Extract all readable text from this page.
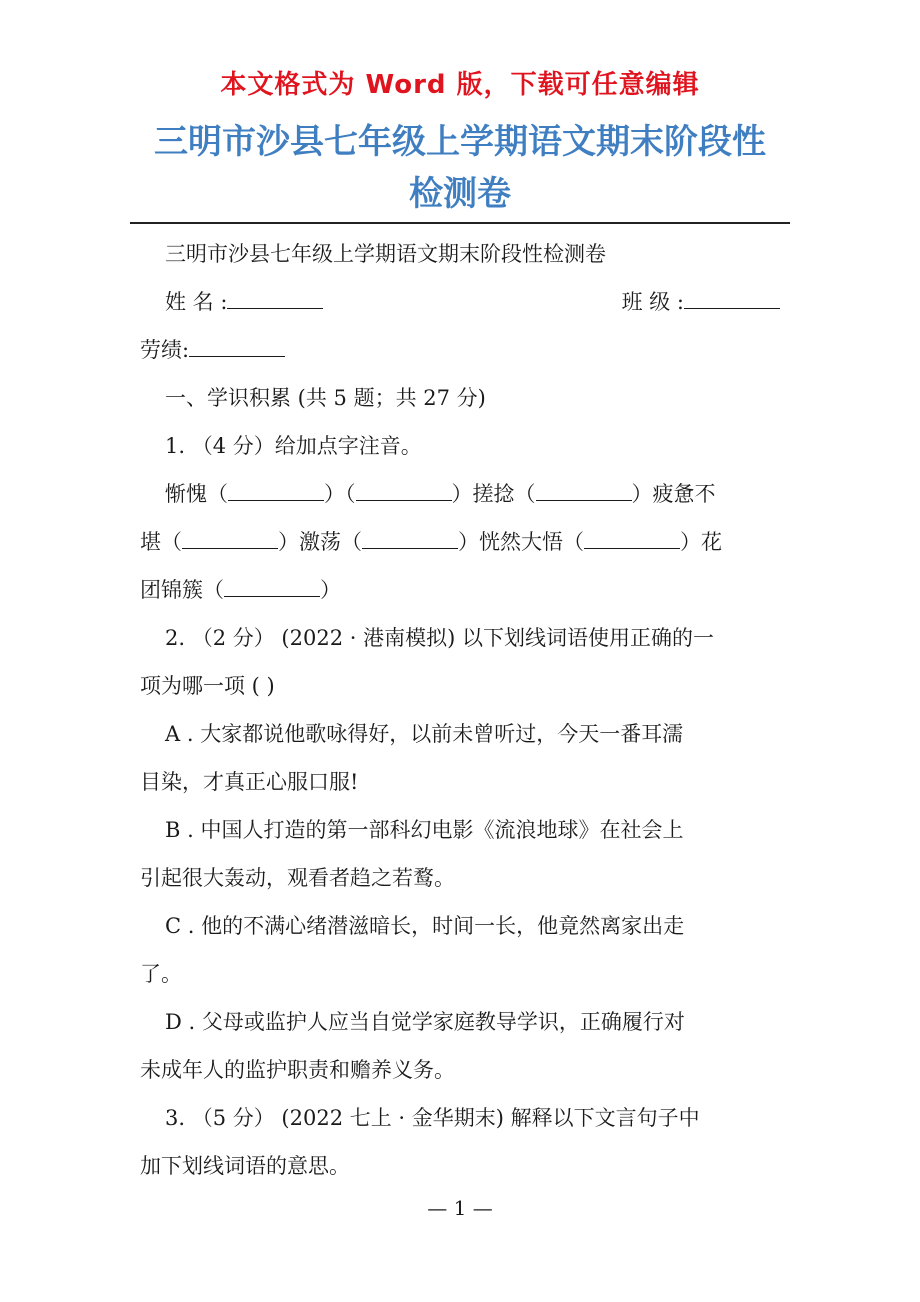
本文格式为 Word 版，下载可任意编辑
三明市沙县七年级上学期语文期末阶段性
检测卷
三明市沙县七年级上学期语文期末阶段性检测卷
姓 名 :	班 级 :
劳绩:
一、学识积累 (共 5 题；共 27 分)
1. （4 分）给加点字注音。
惭愧（	）（	）搓捻（	）疲惫不
堪（	）激荡（	）恍然大悟（	）花
团锦簇（	）
2. （2 分） (2022 · 港南模拟) 以下划线词语使用正确的一
项为哪一项 ( )
A . 大家都说他歌咏得好，以前未曾听过，今天一番耳濡
目染，才真正心服口服!
B . 中国人打造的第一部科幻电影《流浪地球》在社会上
引起很大轰动，观看者趋之若鹜。
C . 他的不满心绪潜滋暗长，时间一长，他竟然离家出走
了。
D . 父母或监护人应当自觉学家庭教导学识，正确履行对
未成年人的监护职责和赡养义务。
3. （5 分） (2022 七上 · 金华期末) 解释以下文言句子中
加下划线词语的意思。
— 1 —
